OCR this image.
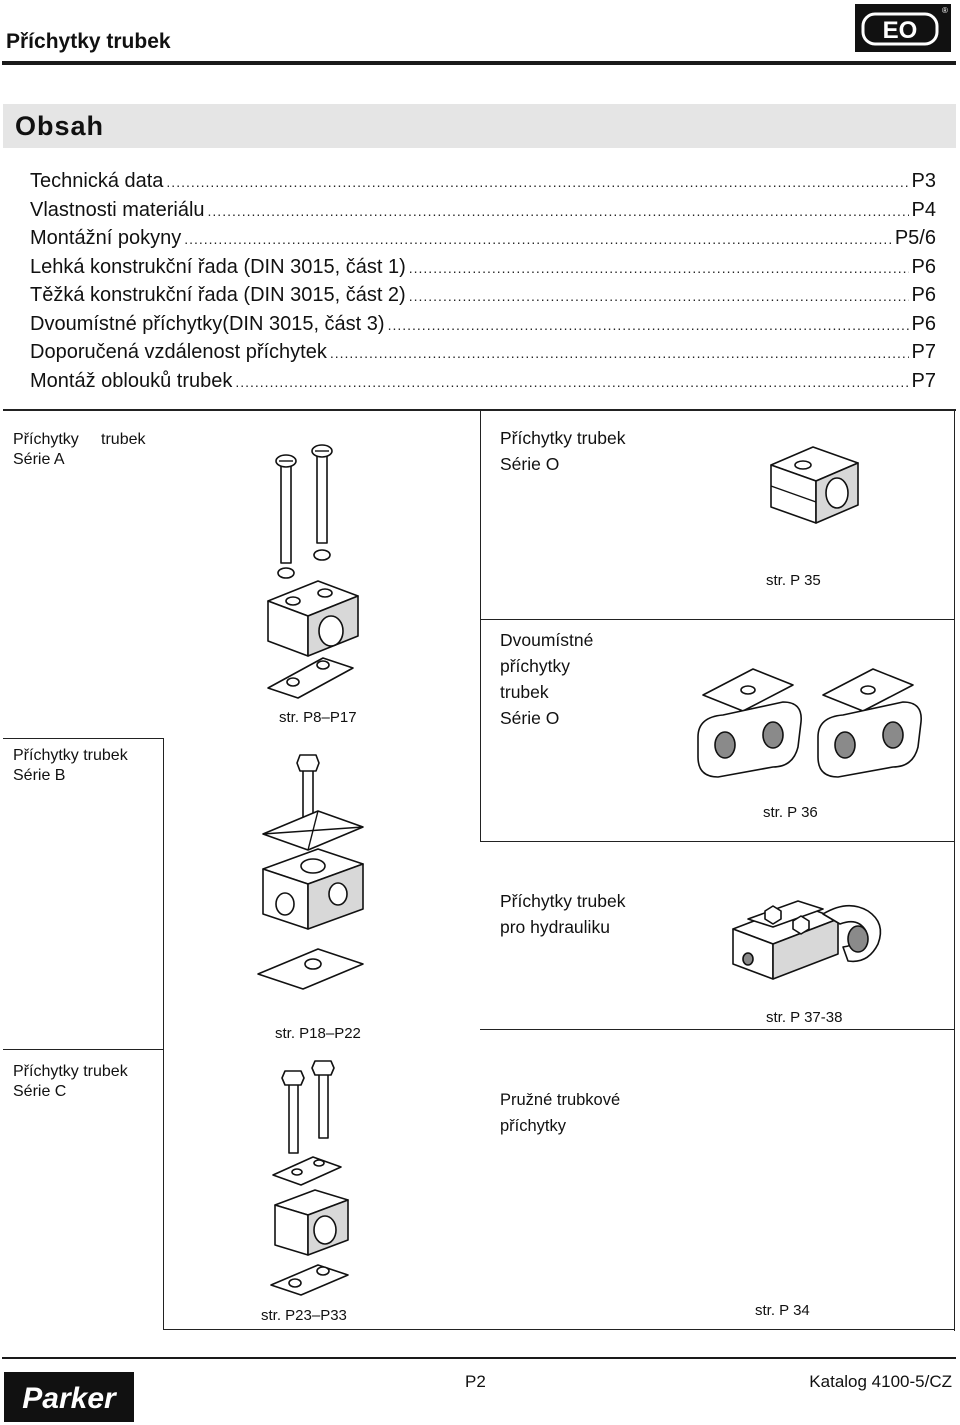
Příchytky trubek	EO
®
Obsah
Technická data .....	P3
Vlastnosti materiálu .....	P4
Montážní pokyny .....	P5/6
Lehká konstrukční řada (DIN 3015, část 1) .....	P6
Těžká konstrukční řada (DIN 3015, část 2) .....	P6
Dvoumístné příchytky(DIN 3015, část 3) .....	P6
Doporučená vzdálenost příchytek .....	P7
Montáž oblouků trubek .....	P7
Příchytky trubek
Série A
str. P8–P17
Příchytky trubek
Série B
str. P18–P22
Příchytky trubek
Série C
str. P23–P33
Příchytky trubek
Série O
str. P 35
Dvoumístné
příchytky
trubek
Série O
str. P 36
Příchytky trubek
pro hydrauliku
str. P 37-38
Pružné trubkové
příchytky
str. P 34
Parker
P2	Katalog 4100-5/CZ
